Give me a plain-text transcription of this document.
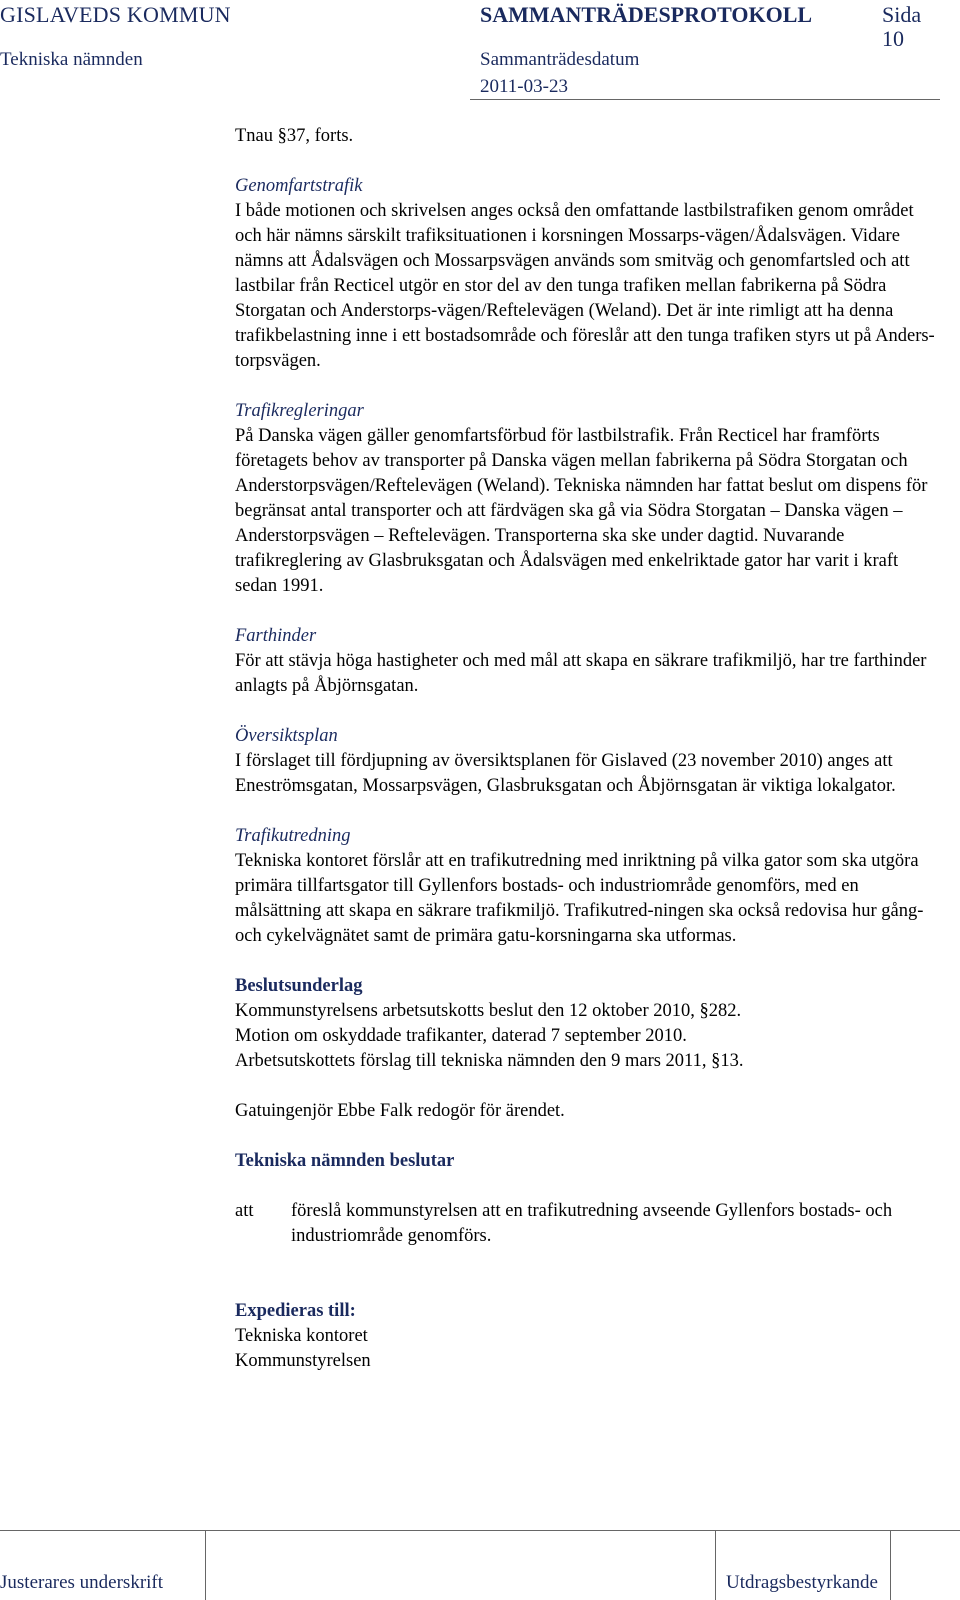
GISLAVEDS KOMMUN
Tekniska nämnden
SAMMANTRÄDESPROTOKOLL
Sammanträdesdatum
2011-03-23
Sida
10

Tnau §37, forts.

Genomfartstrafik

I både motionen och skrivelsen anges också den omfattande lastbilstrafiken genom området och här nämns särskilt trafiksituationen i korsningen Mossarps-vägen/Ådalsvägen. Vidare nämns att Ådalsvägen och Mossarpsvägen används som smitväg och genomfartsled och att lastbilar från Recticel utgör en stor del av den tunga trafiken mellan fabrikerna på Södra Storgatan och Anderstorps-vägen/Reftelevägen (Weland). Det är inte rimligt att ha denna trafikbelastning inne i ett bostadsområde och föreslår att den tunga trafiken styrs ut på Anders-torpsvägen.

Trafikregleringar

På Danska vägen gäller genomfartsförbud för lastbilstrafik. Från Recticel har framförts företagets behov av transporter på Danska vägen mellan fabrikerna på Södra Storgatan och Anderstorpsvägen/Reftelevägen (Weland). Tekniska nämnden har fattat beslut om dispens för begränsat antal transporter och att färdvägen ska gå via Södra Storgatan – Danska vägen – Anderstorpsvägen – Reftelevägen. Transporterna ska ske under dagtid. Nuvarande trafikreglering av Glasbruksgatan och Ådalsvägen med enkelriktade gator har varit i kraft sedan 1991.

Farthinder

För att stävja höga hastigheter och med mål att skapa en säkrare trafikmiljö, har tre farthinder anlagts på Åbjörnsgatan.

Översiktsplan

I förslaget till fördjupning av översiktsplanen för Gislaved (23 november 2010) anges att Eneströmsgatan, Mossarpsvägen, Glasbruksgatan och Åbjörnsgatan är viktiga lokalgator.

Trafikutredning

Tekniska kontoret förslår att en trafikutredning med inriktning på vilka gator som ska utgöra primära tillfartsgator till Gyllenfors bostads- och industriområde genomförs, med en målsättning att skapa en säkrare trafikmiljö. Trafikutred-ningen ska också redovisa hur gång- och cykelvägnätet samt de primära gatu-korsningarna ska utformas.

Beslutsunderlag

Kommunstyrelsens arbetsutskotts beslut den 12 oktober 2010, §282.

Motion om oskyddade trafikanter, daterad 7 september 2010.

Arbetsutskottets förslag till tekniska nämnden den 9 mars 2011, §13.

Gatuingenjör Ebbe Falk redogör för ärendet.

Tekniska nämnden beslutar

att	föreslå kommunstyrelsen att en trafikutredning avseende Gyllenfors bostads- och industriområde genomförs.

Expedieras till:

Tekniska kontoret

Kommunstyrelsen

Justerares underskrift	Utdragsbestyrkande
